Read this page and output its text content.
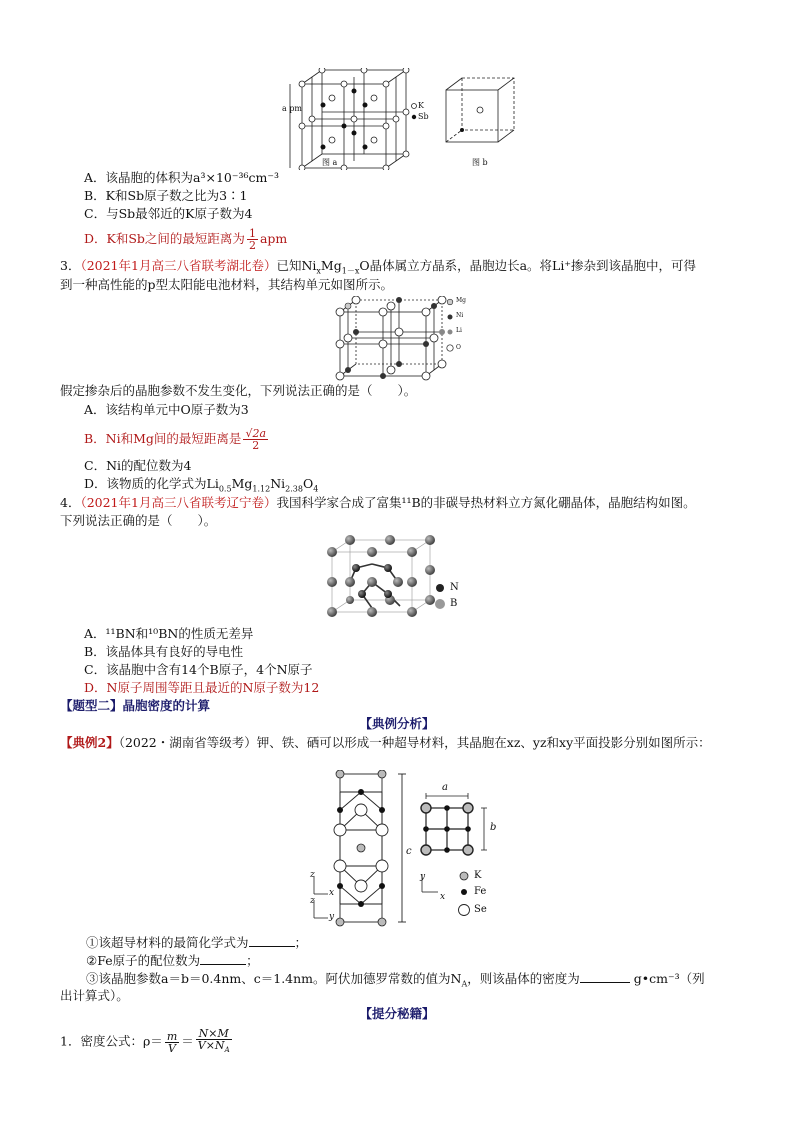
a pm	K
Sb
图 a	图 b
A．该晶胞的体积为a³×10⁻³⁶cm⁻³
B．K和Sb原子数之比为3∶1
C．与Sb最邻近的K原子数为4
D．K和Sb之间的最短距离为 $\frac{1}{2}$ apm
3．（2021年1月高三八省联考湖北卷）已知$Ni_xMg_{1-x}O$晶体属立方晶系，晶胞边长a。将Li⁺掺杂到该晶胞中，可得
到一种高性能的p型太阳能电池材料，其结构单元如图所示。
Mg
Ni
Li
O
假定掺杂后的晶胞参数不发生变化，下列说法正确的是（　　）。
A．该结构单元中O原子数为3
B．Ni和Mg间的最短距离是 $\frac{√2a}{2}$
C．Ni的配位数为4
D．该物质的化学式为$Li_{0.5}Mg_{1.12}Ni_{2.38}O_4$
4．（2021年1月高三八省联考辽宁卷）我国科学家合成了富集¹¹B的非碳导热材料立方氮化硼晶体，晶胞结构如图。
下列说法正确的是（　　）。
N
B
A．¹¹BN和¹⁰BN的性质无差异
B．该晶体具有良好的导电性
C．该晶胞中含有14个B原子，4个N原子
D．N原子周围等距且最近的N原子数为12
【题型二】晶胞密度的计算
【典例分析】
【典例2】（2022・湖南省等级考）钾、铁、硒可以形成一种超导材料，其晶胞在xz、yz和xy平面投影分别如图所示：
c
z
x
z
y
a
b
y
x
K
Fe
Se
①该超导材料的最简化学式为	；
②Fe原子的配位数为	；
③该晶胞参数a＝b＝0.4nm、c＝1.4nm。阿伏加德罗常数的值为$N_A$，则该晶体的密度为	g•cm⁻³（列
出计算式）。
【提分秘籍】
1．密度公式：$\rho= \frac{m}{V} = \frac{N\times M}{V\times N_A}$
